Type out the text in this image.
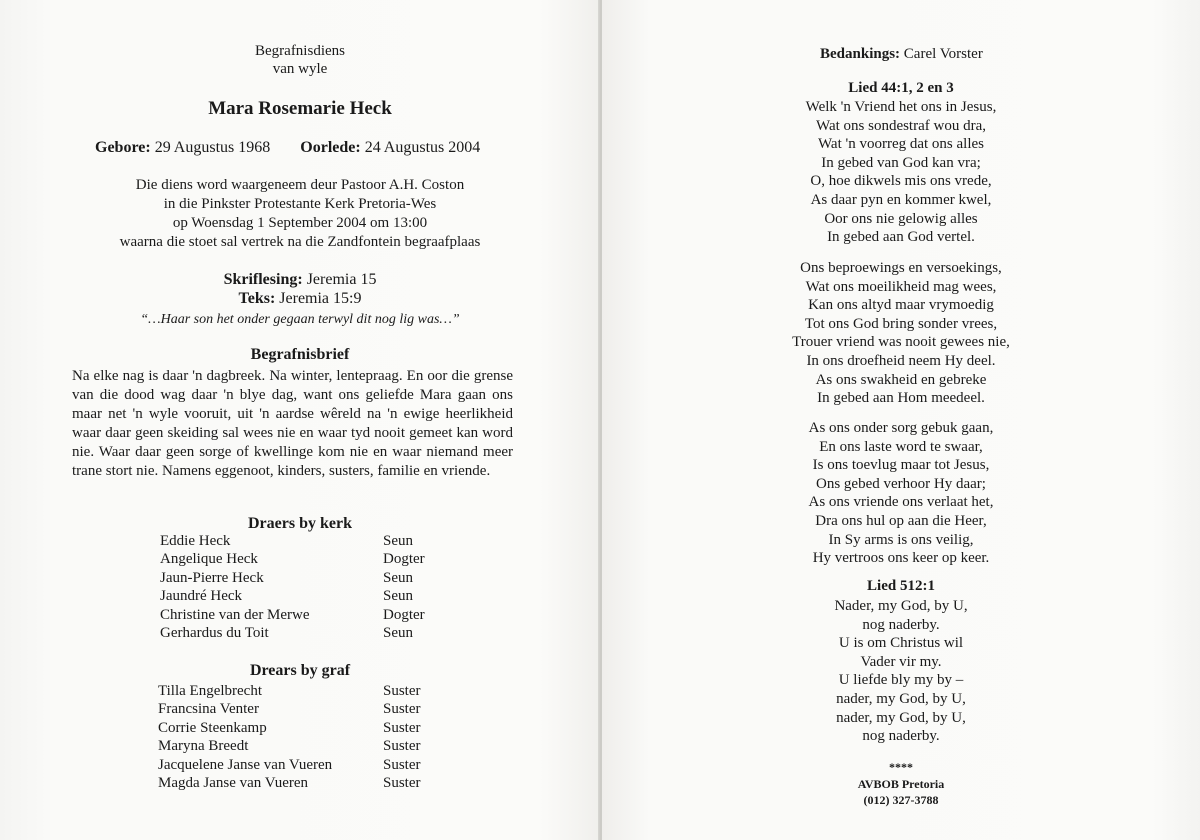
Begrafnisdiens
van wyle
Mara Rosemarie Heck
Gebore: 29 Augustus 1968 Oorlede: 24 Augustus 2004
Die diens word waargeneem deur Pastoor A.H. Coston
in die Pinkster Protestante Kerk Pretoria-Wes
op Woensdag 1 September 2004 om 13:00
waarna die stoet sal vertrek na die Zandfontein begraafplaas
Skriflesing: Jeremia 15
Teks: Jeremia 15:9
“…Haar son het onder gegaan terwyl dit nog lig was…”
Begrafnisbrief
Na elke nag is daar 'n dagbreek. Na winter, lentepraag. En oor die grense van die dood wag daar 'n blye dag, want ons geliefde Mara gaan ons maar net 'n wyle vooruit, uit 'n aardse wêreld na 'n ewige heerlikheid waar daar geen skeiding sal wees nie en waar tyd nooit gemeet kan word nie. Waar daar geen sorge of kwellinge kom nie en waar niemand meer trane stort nie. Namens eggenoot, kinders, susters, familie en vriende.
Draers by kerk
Eddie Heck	Seun
Angelique Heck	Dogter
Jaun-Pierre Heck	Seun
Jaundré Heck	Seun
Christine van der Merwe	Dogter
Gerhardus du Toit	Seun
Drears by graf
Tilla Engelbrecht	Suster
Francsina Venter	Suster
Corrie Steenkamp	Suster
Maryna Breedt	Suster
Jacquelene Janse van Vueren	Suster
Magda Janse van Vueren	Suster
Bedankings: Carel Vorster
Lied 44:1, 2 en 3
Welk 'n Vriend het ons in Jesus,
Wat ons sondestraf wou dra,
Wat 'n voorreg dat ons alles
In gebed van God kan vra;
O, hoe dikwels mis ons vrede,
As daar pyn en kommer kwel,
Oor ons nie gelowig alles
In gebed aan God vertel.
Ons beproewings en versoekings,
Wat ons moeilikheid mag wees,
Kan ons altyd maar vrymoedig
Tot ons God bring sonder vrees,
Trouer vriend was nooit gewees nie,
In ons droefheid neem Hy deel.
As ons swakheid en gebreke
In gebed aan Hom meedeel.
As ons onder sorg gebuk gaan,
En ons laste word te swaar,
Is ons toevlug maar tot Jesus,
Ons gebed verhoor Hy daar;
As ons vriende ons verlaat het,
Dra ons hul op aan die Heer,
In Sy arms is ons veilig,
Hy vertroos ons keer op keer.
Lied 512:1
Nader, my God, by U,
nog naderby.
U is om Christus wil
Vader vir my.
U liefde bly my by –
nader, my God, by U,
nader, my God, by U,
nog naderby.
****
AVBOB Pretoria
(012) 327-3788
